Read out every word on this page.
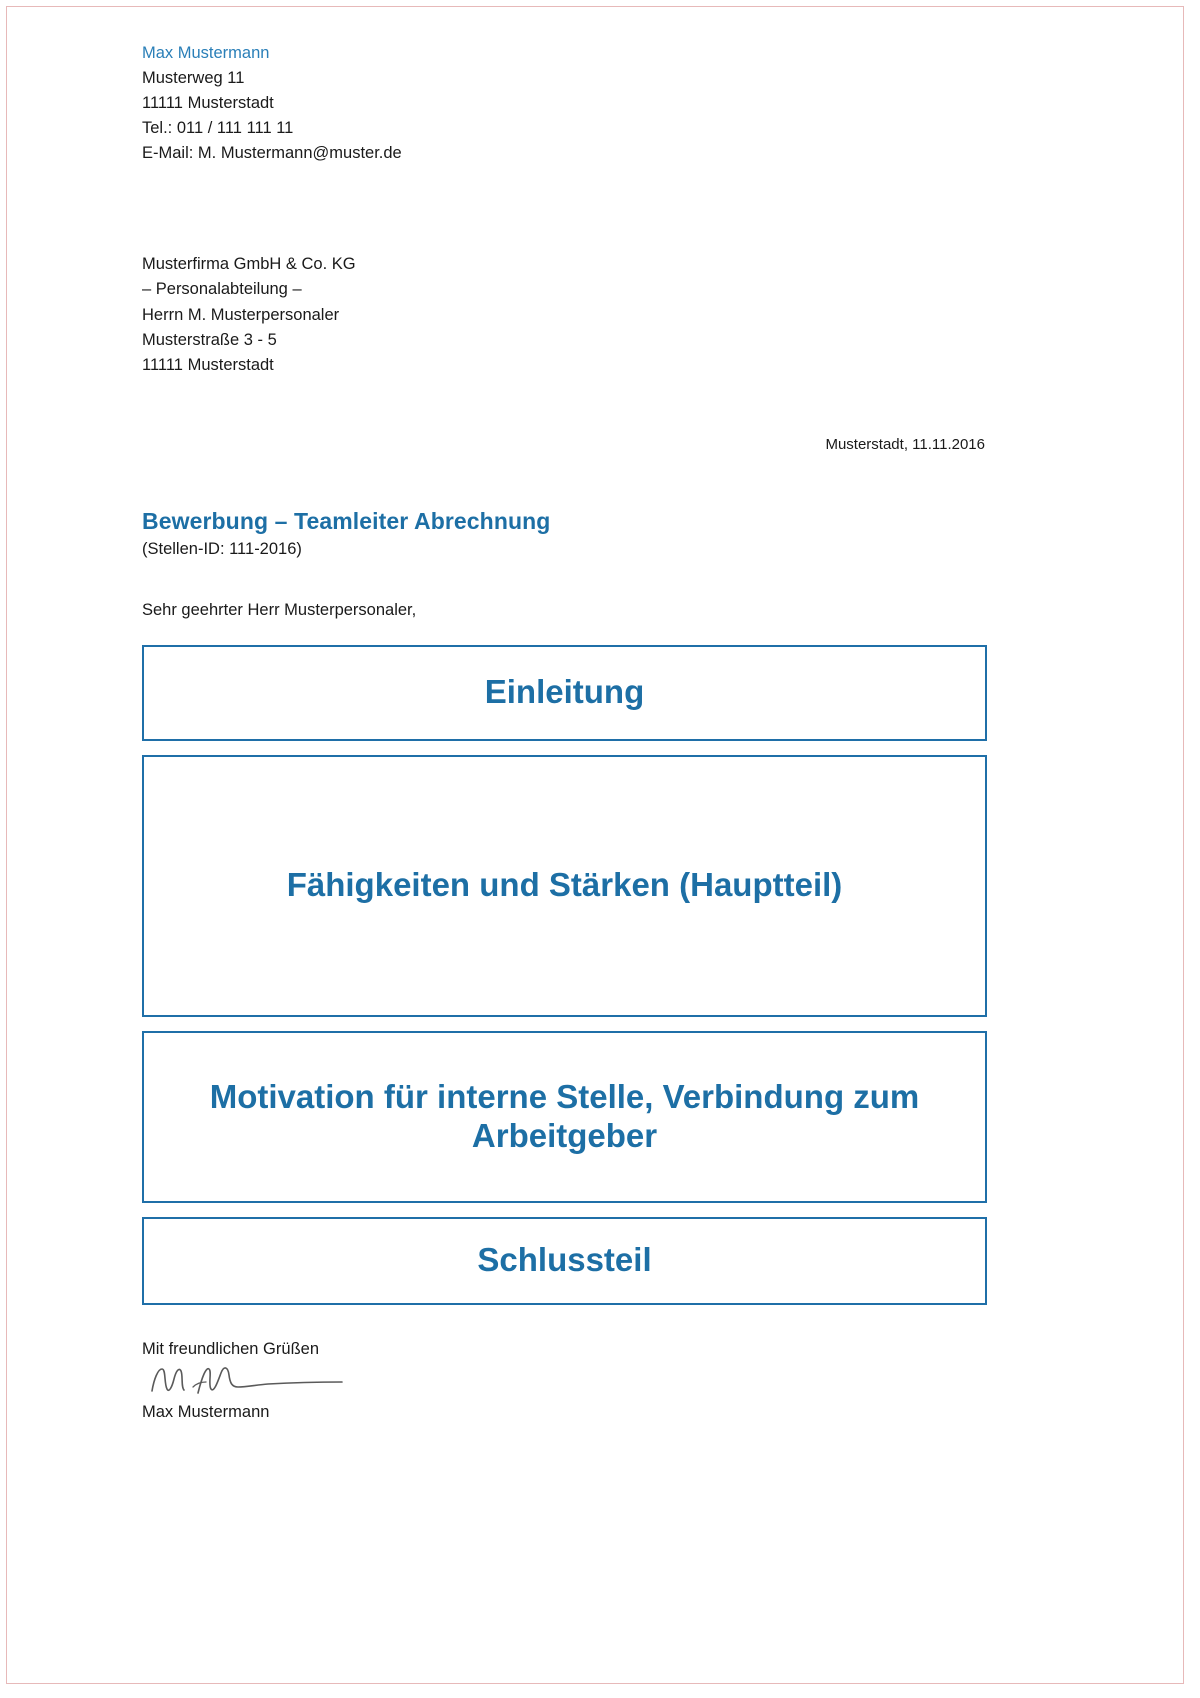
Max Mustermann
Musterweg 11
11111 Musterstadt
Tel.: 011 / 111 111 11
E-Mail: M. Mustermann@muster.de
Musterfirma GmbH & Co. KG
– Personalabteilung –
Herrn M. Musterpersonaler
Musterstraße 3 - 5
11111 Musterstadt
Musterstadt, 11.11.2016
Bewerbung – Teamleiter Abrechnung
(Stellen-ID: 111-2016)
Sehr geehrter Herr Musterpersonaler,
Einleitung
Fähigkeiten und Stärken (Hauptteil)
Motivation für interne Stelle, Verbindung zum Arbeitgeber
Schlussteil
Mit freundlichen Grüßen
Max Mustermann
